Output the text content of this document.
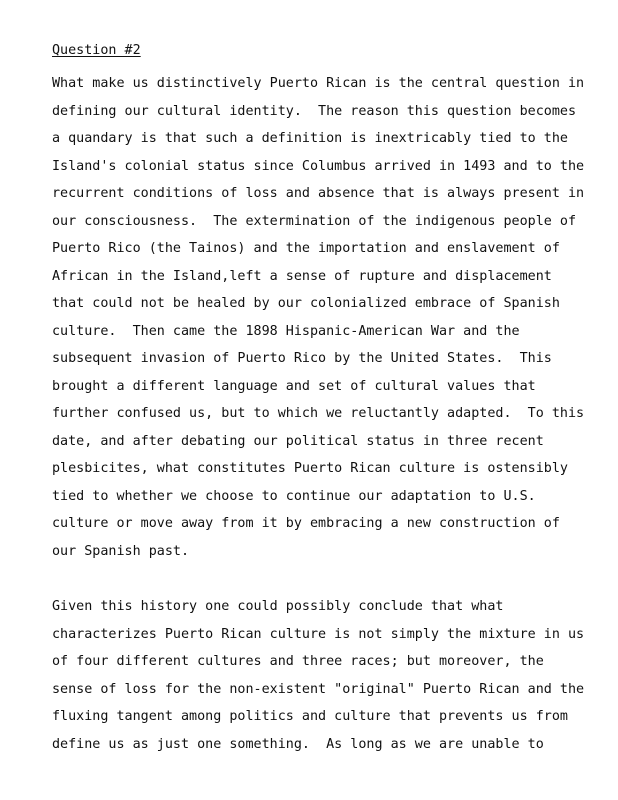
Question #2
What make us distinctively Puerto Rican is the central question in
defining our cultural identity.  The reason this question becomes
a quandary is that such a definition is inextricably tied to the
Island's colonial status since Columbus arrived in 1493 and to the
recurrent conditions of loss and absence that is always present in
our consciousness.  The extermination of the indigenous people of
Puerto Rico (the Tainos) and the importation and enslavement of
African in the Island,left a sense of rupture and displacement
that could not be healed by our colonialized embrace of Spanish
culture.  Then came the 1898 Hispanic-American War and the
subsequent invasion of Puerto Rico by the United States.  This
brought a different language and set of cultural values that
further confused us, but to which we reluctantly adapted.  To this
date, and after debating our political status in three recent
plesbicites, what constitutes Puerto Rican culture is ostensibly
tied to whether we choose to continue our adaptation to U.S.
culture or move away from it by embracing a new construction of
our Spanish past.
Given this history one could possibly conclude that what
characterizes Puerto Rican culture is not simply the mixture in us
of four different cultures and three races; but moreover, the
sense of loss for the non-existent "original" Puerto Rican and the
fluxing tangent among politics and culture that prevents us from
define us as just one something.  As long as we are unable to
